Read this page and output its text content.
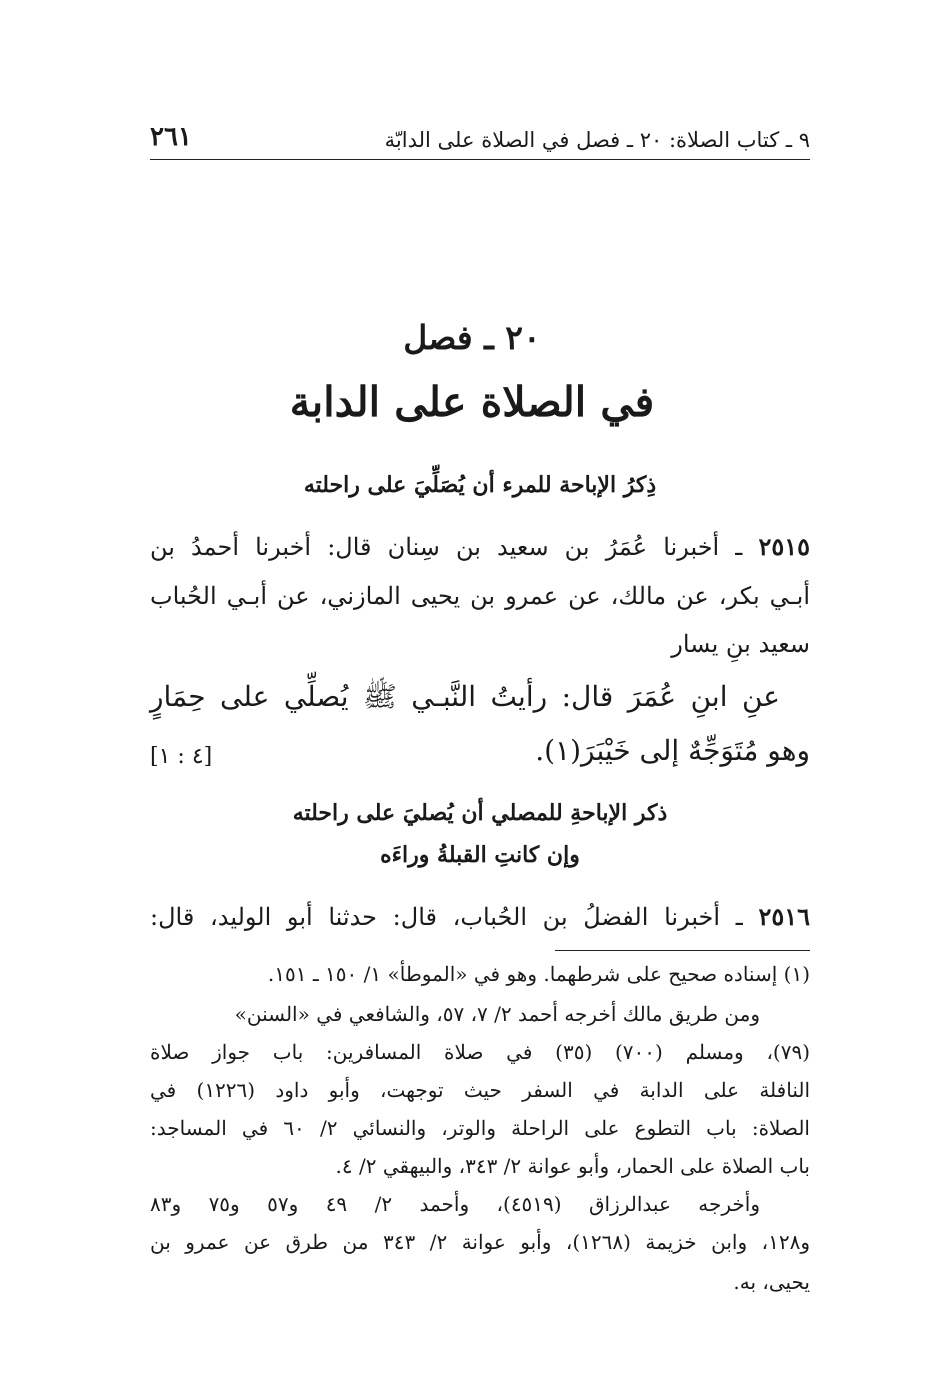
٢٦١	٩ ـ كتاب الصلاة: ٢٠ ـ فصل في الصلاة على الدابّة
٢٠ ـ فصل
في الصلاة على الدابة
ذِكرُ الإباحة للمرء أن يُصَلِّيَ على راحلته
٢٥١٥ ـ أخبرنا عُمَرُ بن سعيد بن سِنان قال: أخبرنا أحمدُ بن
أبـي بكر، عن مالك، عن عمرو بن يحيى المازني، عن أبـي الحُباب
سعيد بنِ يسار
عنِ ابنِ عُمَرَ قال: رأيتُ النَّبـي ﷺ يُصلِّي على حِمَارٍ
وهو مُتَوَجِّهٌ إلى خَيْبَرَ(١).
[٤ : ١]
ذكر الإباحةِ للمصلي أن يُصليَ على راحلته
وإن كانتِ القبلةُ وراءَه
٢٥١٦ ـ أخبرنا الفضلُ بن الحُباب، قال: حدثنا أبو الوليد، قال:
(١) إسناده صحيح على شرطهما. وهو في «الموطأ» ١/ ١٥٠ ـ ١٥١.
ومن طريق مالك أخرجه أحمد ٢/ ٧، ٥٧، والشافعي في «السنن»
(٧٩)، ومسلم (٧٠٠) (٣٥) في صلاة المسافرين: باب جواز صلاة
النافلة على الدابة في السفر حيث توجهت، وأبو داود (١٢٢٦) في
الصلاة: باب التطوع على الراحلة والوتر، والنسائي ٢/ ٦٠ في المساجد:
باب الصلاة على الحمار، وأبو عوانة ٢/ ٣٤٣، والبيهقي ٢/ ٤.
وأخرجه عبدالرزاق (٤٥١٩)، وأحمد ٢/ ٤٩ و٥٧ و٧٥ و٨٣
و١٢٨، وابن خزيمة (١٢٦٨)، وأبو عوانة ٢/ ٣٤٣ من طرق عن عمرو بن
يحيى، به.
